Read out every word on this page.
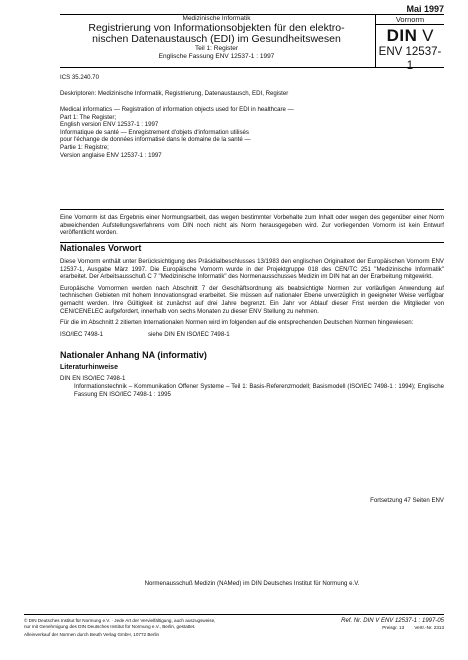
Mai 1997
Medizinische Informatik
Registrierung von Informationsobjekten für den elektro-
nischen Datenaustausch (EDI) im Gesundheitswesen
Teil 1: Register
Englische Fassung ENV 12537-1 : 1997
Vornorm
DIN V
ENV 12537-1
ICS 35.240.70
Deskriptoren: Medizinische Informatik, Registrierung, Datenaustausch, EDI, Register

Medical informatics — Registration of information objects used for EDI in healthcare —

Part 1: The Register;

English version ENV 12537-1 : 1997

Informatique de santé — Enregistrement d'objets d'information utilisés

pour l'échange de données informatisé dans le domaine de la santé —

Partie 1: Registre;

Version anglaise ENV 12537-1 : 1997

Eine Vornorm ist das Ergebnis einer Normungsarbeit, das wegen bestimmter Vorbehalte zum Inhalt oder wegen des gegenüber einer Norm abweichenden Aufstellungsverfahrens vom DIN noch nicht als Norm herausgegeben wird. Zur vorliegenden Vornorm ist kein Entwurf veröffentlicht worden.
Nationales Vorwort

Diese Vornorm enthält unter Berücksichtigung des Präsidialbeschlusses 13/1983 den englischen Originaltext der Europäischen Vornorm ENV 12537-1, Ausgabe März 1997. Die Europäische Vornorm wurde in der Projektgruppe 018 des CEN/TC 251 "Medizinische Informatik" erarbeitet. Der Arbeitsausschuß C 7 "Medizinische Informatik" des Normenausschusses Medizin im DIN hat an der Erarbeitung mitgewirkt.

Europäische Vornormen werden nach Abschnitt 7 der Geschäftsordnung als beabsichtigte Normen zur vorläufigen Anwendung auf technischen Gebieten mit hohem Innovationsgrad erarbeitet. Sie müssen auf nationaler Ebene unverzüglich in geeigneter Weise verfügbar gemacht werden. Ihre Gültigkeit ist zunächst auf drei Jahre begrenzt. Ein Jahr vor Ablauf dieser Frist werden die Mitglieder von CEN/CENELEC aufgefordert, innerhalb von sechs Monaten zu dieser ENV Stellung zu nehmen.

Für die im Abschnitt 2 zitierten Internationalen Normen wird im folgenden auf die entsprechenden Deutschen Normen hingewiesen:

ISO/IEC 7498-1	siehe DIN EN ISO/IEC 7498-1
Nationaler Anhang NA (informativ)
Literaturhinweise

DIN EN ISO/IEC 7498-1

Informationstechnik – Kommunikation Offener Systeme – Teil 1: Basis-Referenzmodell; Basismodell (ISO/IEC 7498-1 : 1994); Englische Fassung EN ISO/IEC 7498-1 : 1995

Fortsetzung 47 Seiten ENV
Normenausschuß Medizin (NAMed) im DIN Deutsches Institut für Normung e.V.
© DIN Deutsches Institut für Normung e.V. · Jede Art der Vervielfältigung, auch auszugsweise,
nur mit Genehmigung des DIN Deutsches Institut für Normung e.V., Berlin, gestattet.
Alleinverkauf der Normen durch Beuth Verlag GmbH, 10772 Berlin
Ref. Nr. DIN V ENV 12537-1 : 1997-05
Preisgr. 13 Vertr.-Nr. 2313
